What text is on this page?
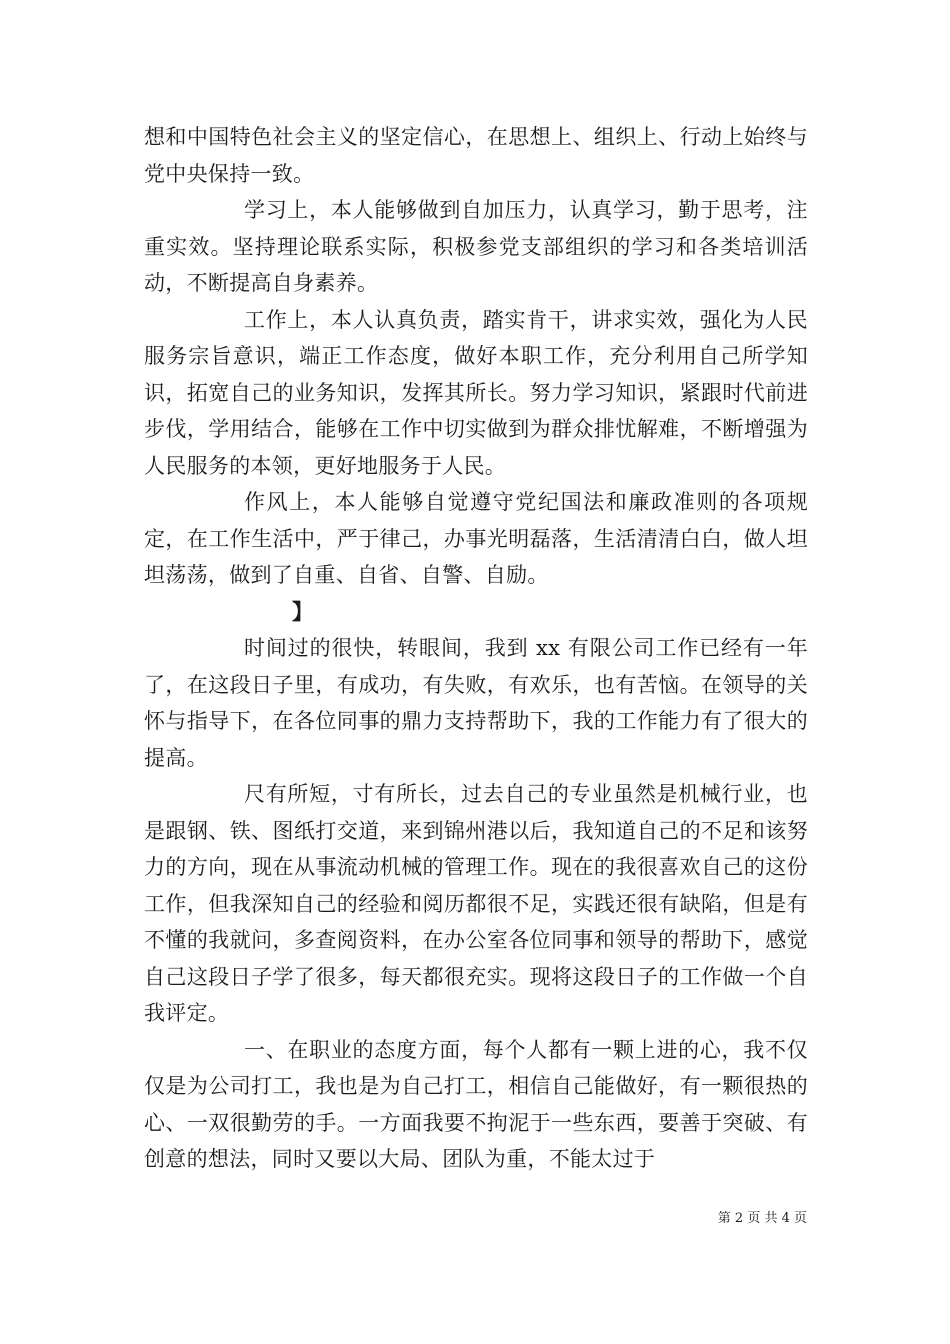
想和中国特色社会主义的坚定信心，在思想上、组织上、行动上始终与党中央保持一致。

学习上，本人能够做到自加压力，认真学习，勤于思考，注重实效。坚持理论联系实际，积极参党支部组织的学习和各类培训活动，不断提高自身素养。

工作上，本人认真负责，踏实肯干，讲求实效，强化为人民服务宗旨意识，端正工作态度，做好本职工作，充分利用自己所学知识，拓宽自己的业务知识，发挥其所长。努力学习知识，紧跟时代前进步伐，学用结合，能够在工作中切实做到为群众排忧解难，不断增强为人民服务的本领，更好地服务于人民。

作风上，本人能够自觉遵守党纪国法和廉政准则的各项规定，在工作生活中，严于律己，办事光明磊落，生活清清白白，做人坦坦荡荡，做到了自重、自省、自警、自励。

】

时间过的很快，转眼间，我到 xx 有限公司工作已经有一年了，在这段日子里，有成功，有失败，有欢乐，也有苦恼。在领导的关怀与指导下，在各位同事的鼎力支持帮助下，我的工作能力有了很大的提高。

尺有所短，寸有所长，过去自己的专业虽然是机械行业，也是跟钢、铁、图纸打交道，来到锦州港以后，我知道自己的不足和该努力的方向，现在从事流动机械的管理工作。现在的我很喜欢自己的这份工作，但我深知自己的经验和阅历都很不足，实践还很有缺陷，但是有不懂的我就问，多查阅资料，在办公室各位同事和领导的帮助下，感觉自己这段日子学了很多，每天都很充实。现将这段日子的工作做一个自我评定。

一、在职业的态度方面，每个人都有一颗上进的心，我不仅仅是为公司打工，我也是为自己打工，相信自己能做好，有一颗很热的心、一双很勤劳的手。一方面我要不拘泥于一些东西，要善于突破、有创意的想法，同时又要以大局、团队为重，不能太过于

第 2 页 共 4 页
